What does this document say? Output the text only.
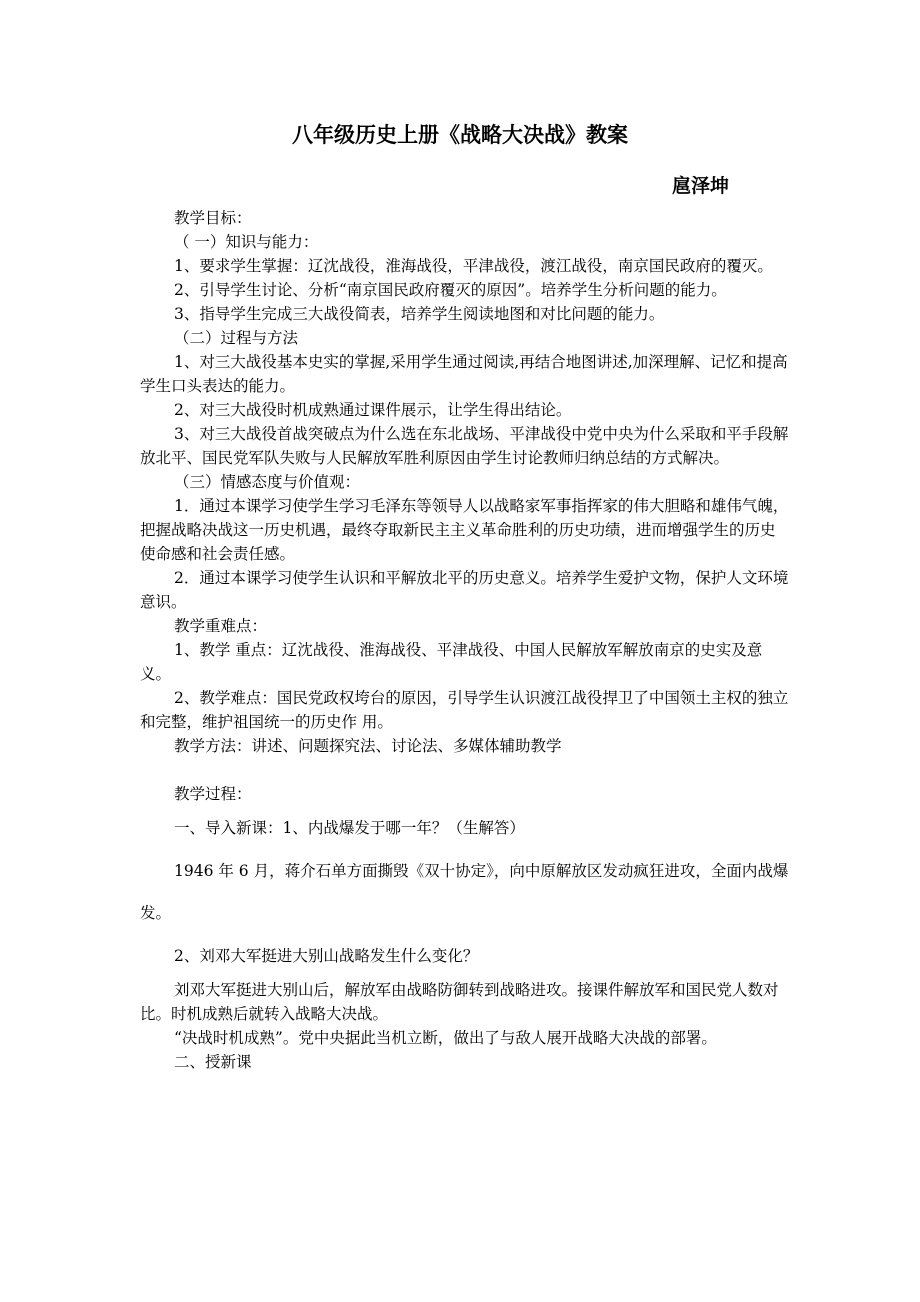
八年级历史上册《战略大决战》教案
扈泽坤

教学目标：

（ 一）知识与能力：

1、要求学生掌握：辽沈战役，淮海战役，平津战役，渡江战役，南京国民政府的覆灭。

2、引导学生讨论、分析“南京国民政府覆灭的原因”。培养学生分析问题的能力。

3、指导学生完成三大战役简表，培养学生阅读地图和对比问题的能力。

（二）过程与方法

1、对三大战役基本史实的掌握,采用学生通过阅读,再结合地图讲述,加深理解、记忆和提高学生口头表达的能力。

2、对三大战役时机成熟通过课件展示，让学生得出结论。

3、对三大战役首战突破点为什么选在东北战场、平津战役中党中央为什么采取和平手段解放北平、国民党军队失败与人民解放军胜利原因由学生讨论教师归纳总结的方式解决。

（三）情感态度与价值观：

1．通过本课学习使学生学习毛泽东等领导人以战略家军事指挥家的伟大胆略和雄伟气魄，把握战略决战这一历史机遇，最终夺取新民主主义革命胜利的历史功绩，进而增强学生的历史使命感和社会责任感。

2．通过本课学习使学生认识和平解放北平的历史意义。培养学生爱护文物，保护人文环境意识。

教学重难点：

1、教学 重点：辽沈战役、淮海战役、平津战役、中国人民解放军解放南京的史实及意义。

2、教学难点：国民党政权垮台的原因，引导学生认识渡江战役捍卫了中国领土主权的独立和完整，维护祖国统一的历史作 用。

教学方法：讲述、问题探究法、讨论法、多媒体辅助教学

教学过程：

一、导入新课：1、内战爆发于哪一年？（生解答）

1946 年 6 月，蒋介石单方面撕毁《双十协定》，向中原解放区发动疯狂进攻，全面内战爆发。

2、刘邓大军挺进大别山战略发生什么变化？

刘邓大军挺进大别山后，解放军由战略防御转到战略进攻。接课件解放军和国民党人数对比。时机成熟后就转入战略大决战。

“决战时机成熟”。党中央据此当机立断，做出了与敌人展开战略大决战的部署。

二、授新课
